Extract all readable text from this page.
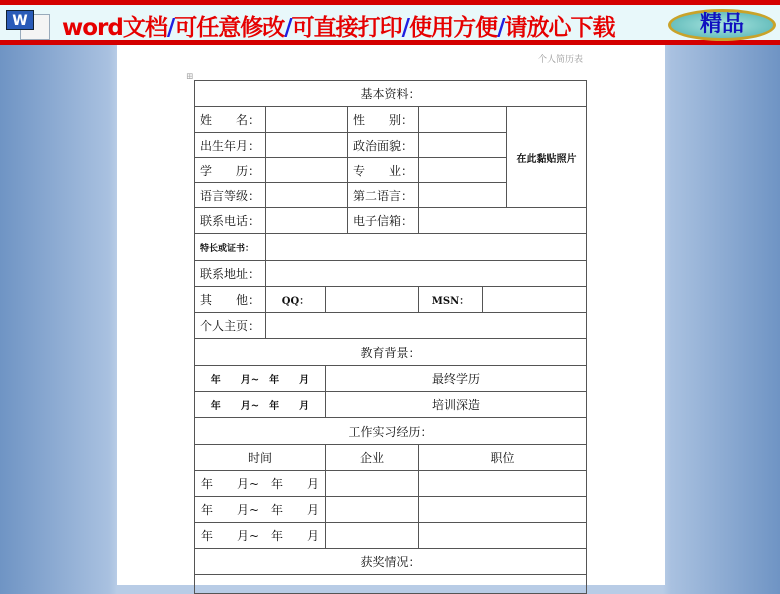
W word文档/可任意修改/可直接打印/使用方便/请放心下载	精品
个人简历表
⊞
基本资料：
姓　　名：	性　　别：
在此黏贴照片
出生年月：	政治面貌：
学　　历：	专　　业：
语言等级：	第二语言：
联系电话：	电子信箱：
特长或证书：
联系地址：
其　　他：	QQ：	MSN：
个人主页：
教育背景：
年　　月~　年　　月	最终学历
年　　月~　年　　月	培训深造
工作实习经历：
时间	企业	职位
年　　月~　年　　月
年　　月~　年　　月
年　　月~　年　　月
获奖情况：
